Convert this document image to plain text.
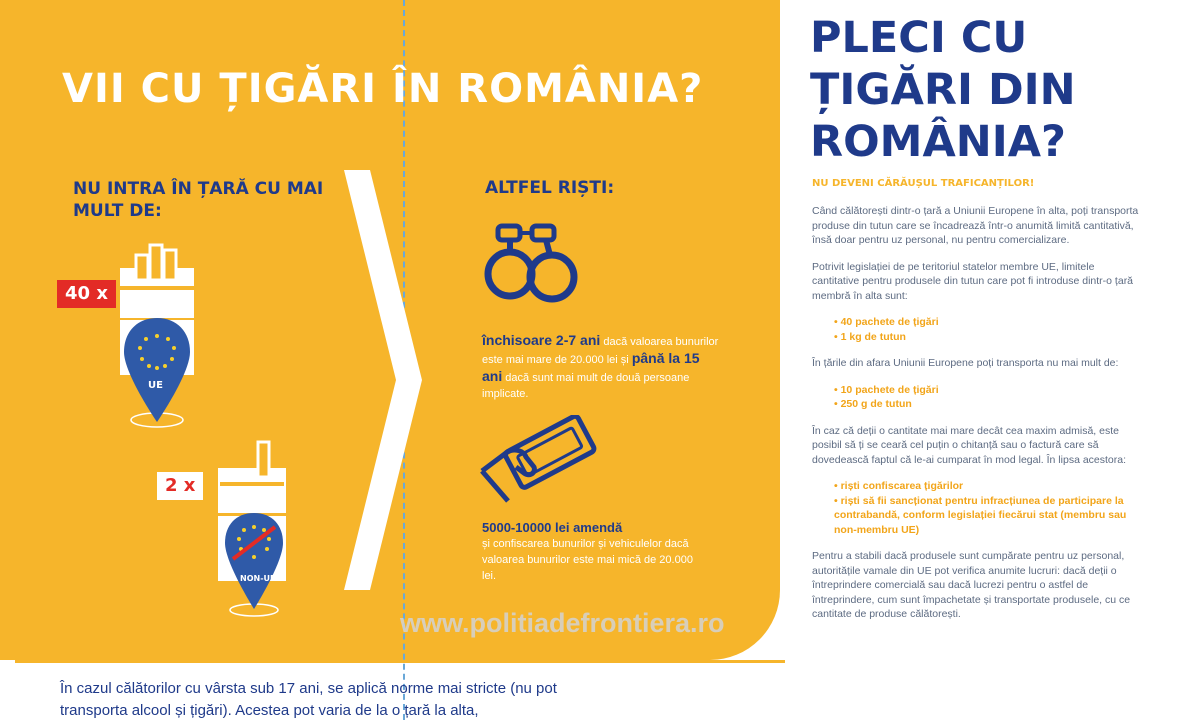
VII CU ȚIGĂRI ÎN ROMÂNIA?
NU INTRA ÎN ȚARĂ CU MAI MULT DE:
ALTFEL RIȘTI:
40 x
UE
2 x
NON-UE
închisoare 2-7 ani dacă valoarea bunurilor este mai mare de 20.000 lei și până la 15 ani dacă sunt mai mult de două persoane implicate.
5000-10000 lei amendă
și confiscarea bunurilor și vehiculelor dacă valoarea bunurilor este mai mică de 20.000 lei.
În cazul călătorilor cu vârsta sub 17 ani, se aplică norme mai stricte (nu pot transporta alcool și țigări). Acestea pot varia de la o țară la alta,
www.politiadefrontiera.ro
PLECI CU ȚIGĂRI DIN ROMÂNIA?
NU DEVENI CĂRĂUȘUL TRAFICANȚILOR!

Când călătorești dintr-o țară a Uniunii Europene în alta, poți transporta produse din tutun care se încadrează într-o anumită limită cantitativă, însă doar pentru uz personal, nu pentru comercializare.

Potrivit legislației de pe teritoriul statelor membre UE, limitele cantitative pentru produsele din tutun care pot fi introduse dintr-o țară membră în alta sunt:

• 40 pachete de țigări
• 1 kg de tutun

În țările din afara Uniunii Europene poți transporta nu mai mult de:

• 10 pachete de țigări
• 250 g de tutun

În caz că deții o cantitate mai mare decât cea maxim admisă, este posibil să ți se ceară cel puțin o chitanță sau o factură care să dovedească faptul că le-ai cumparat în mod legal. În lipsa acestora:

• riști confiscarea țigărilor
• riști să fii sancționat pentru infracțiunea de participare la contrabandă, conform legislației fiecărui stat (membru sau non-membru UE)

Pentru a stabili dacă produsele sunt cumpărate pentru uz personal, autoritățile vamale din UE pot verifica anumite lucruri: dacă deții o întreprindere comercială sau dacă lucrezi pentru o astfel de întreprindere, cum sunt împachetate și transportate produsele, cu ce cantitate de produse călătorești.
